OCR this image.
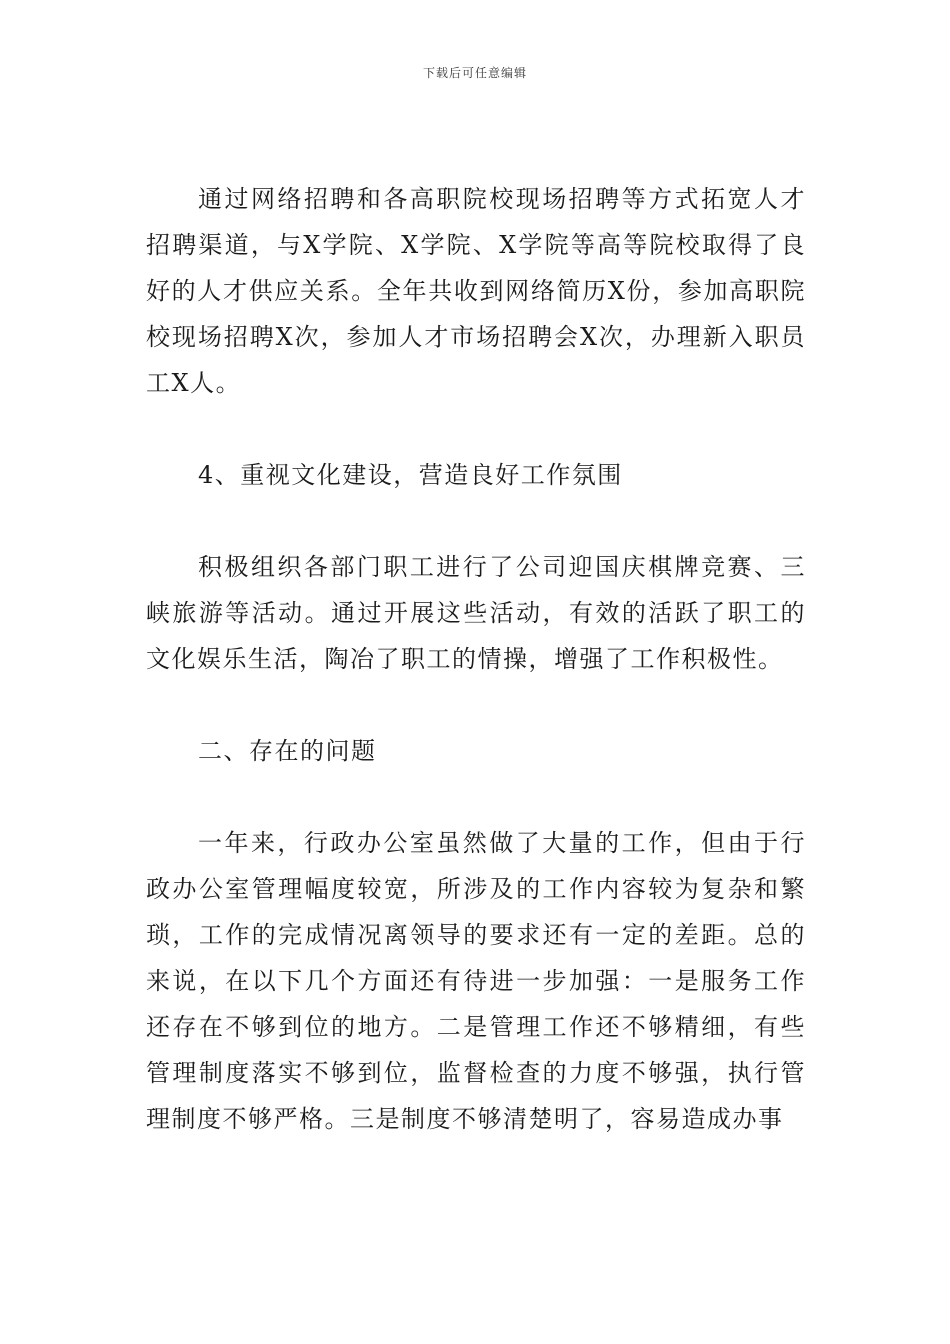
下载后可任意编辑

通过网络招聘和各高职院校现场招聘等方式拓宽人才招聘渠道，与X学院、X学院、X学院等高等院校取得了良好的人才供应关系。全年共收到网络简历X份，参加高职院校现场招聘X次，参加人才市场招聘会X次，办理新入职员工X人。

4、重视文化建设，营造良好工作氛围

积极组织各部门职工进行了公司迎国庆棋牌竞赛、三峡旅游等活动。通过开展这些活动，有效的活跃了职工的文化娱乐生活，陶冶了职工的情操，增强了工作积极性。

二、存在的问题

一年来，行政办公室虽然做了大量的工作，但由于行政办公室管理幅度较宽，所涉及的工作内容较为复杂和繁琐，工作的完成情况离领导的要求还有一定的差距。总的来说，在以下几个方面还有待进一步加强：一是服务工作还存在不够到位的地方。二是管理工作还不够精细，有些管理制度落实不够到位，监督检查的力度不够强，执行管理制度不够严格。三是制度不够清楚明了，容易造成办事
